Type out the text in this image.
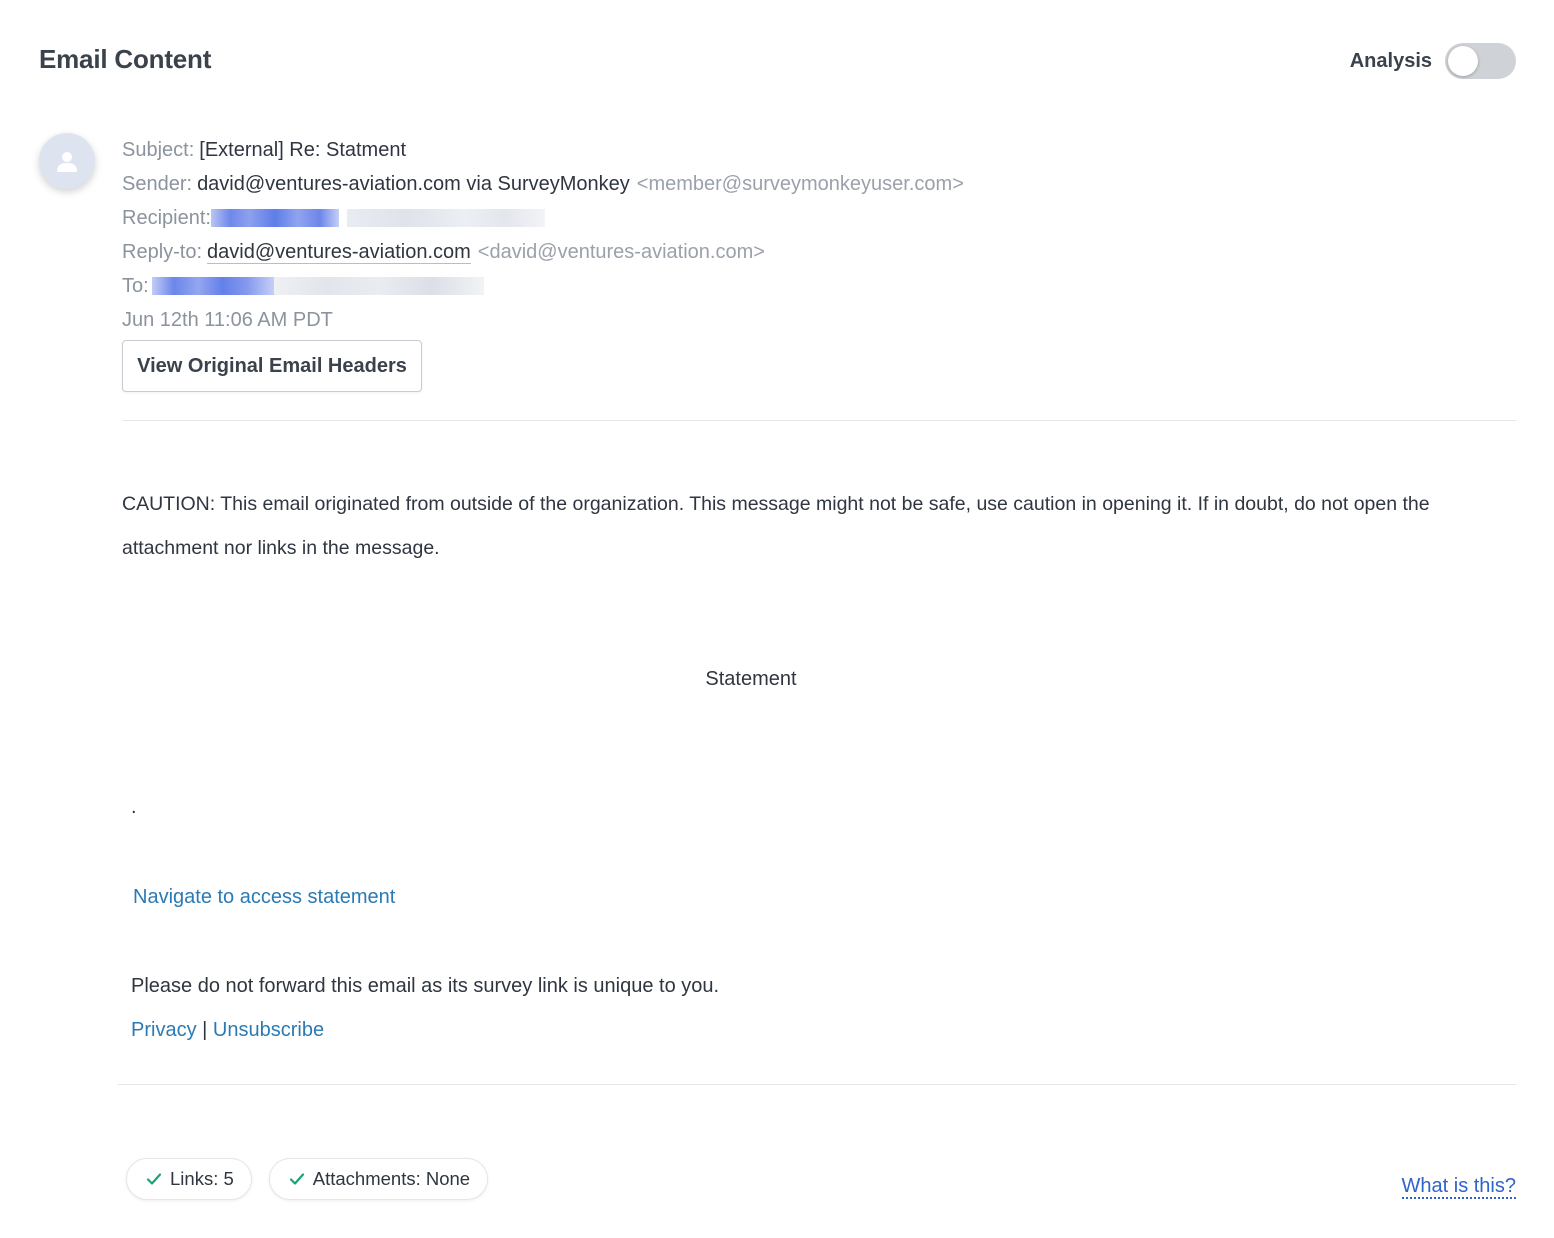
Email Content	Analysis
Subject: [External] Re: Statment
Sender: david@ventures-aviation.com via SurveyMonkey <member@surveymonkeyuser.com>
Recipient:
Reply-to: david@ventures-aviation.com <david@ventures-aviation.com>
To:
Jun 12th 11:06 AM PDT
View Original Email Headers
CAUTION: This email originated from outside of the organization. This message might not be safe, use caution in opening it. If in doubt, do not open the attachment nor links in the message.
Statement
.
Navigate to access statement
Please do not forward this email as its survey link is unique to you.
Privacy | Unsubscribe
Links: 5	Attachments: None	What is this?
